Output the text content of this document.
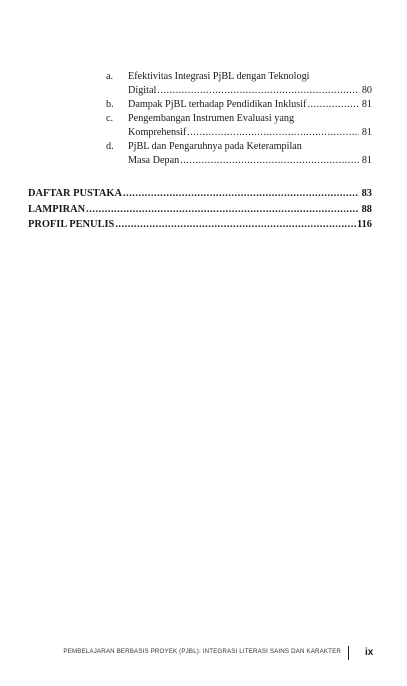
a.	Efektivitas Integrasi PjBL dengan Teknologi
Digital .....	80
b.	Dampak PjBL terhadap Pendidikan Inklusif .....	81
c.	Pengembangan Instrumen Evaluasi yang
Komprehensif .....	81
d.	PjBL dan Pengaruhnya pada Keterampilan
Masa Depan .....	81
DAFTAR PUSTAKA .....	83
LAMPIRAN .....	88
PROFIL PENULIS .....	116
PEMBELAJARAN BERBASIS PROYEK (PJBL): INTEGRASI LITERASI SAINS DAN KARAKTER ix
